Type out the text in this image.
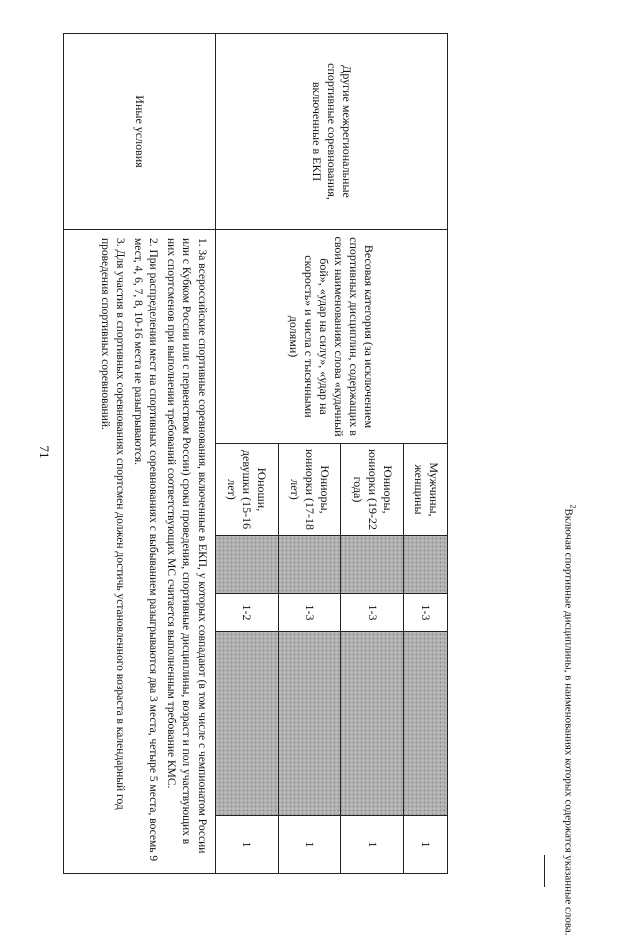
71
Другие межрегиональные спортивные соревнования, включенные в ЕКП	Весовая категория (за исключением спортивных дисциплин, содержащих в своих наименованиях слова «кудачный бой», «удар на силу», «удар на скорость» и числа с тысячными долями)	Мужчины, женщины		1-3		1
		Юниоры, юниорки (19-22 года)		1-3		1
		Юниоры, юниорки (17-18 лет)		1-3		1
		Юноши, девушки (15-16 лет)		1-2		1
Иные условия	1. За всероссийские спортивные соревнования, включенные в ЕКП, у которых совпадают (в том числе с чемпионатом России или с Кубком России или с первенством России) сроки проведения, спортивные дисциплины, возраст и пол участвующих в них спортсменов при выполнении требований соответствующих МС считается выполненным требование КМС.

2. При распределении мест на спортивных соревнованиях с выбыванием разыгрываются два 3 места, четыре 5 места, восемь 9 мест, 4, 6, 7, 8, 10-16 места не разыгрываются.

3. Для участия в спортивных соревнованиях спортсмен должен достичь установленного возраста в календарный год проведения спортивных соревнований.					

$^2$Включая спортивные дисциплины, в наименованиях которых содержатся указанные слова.
